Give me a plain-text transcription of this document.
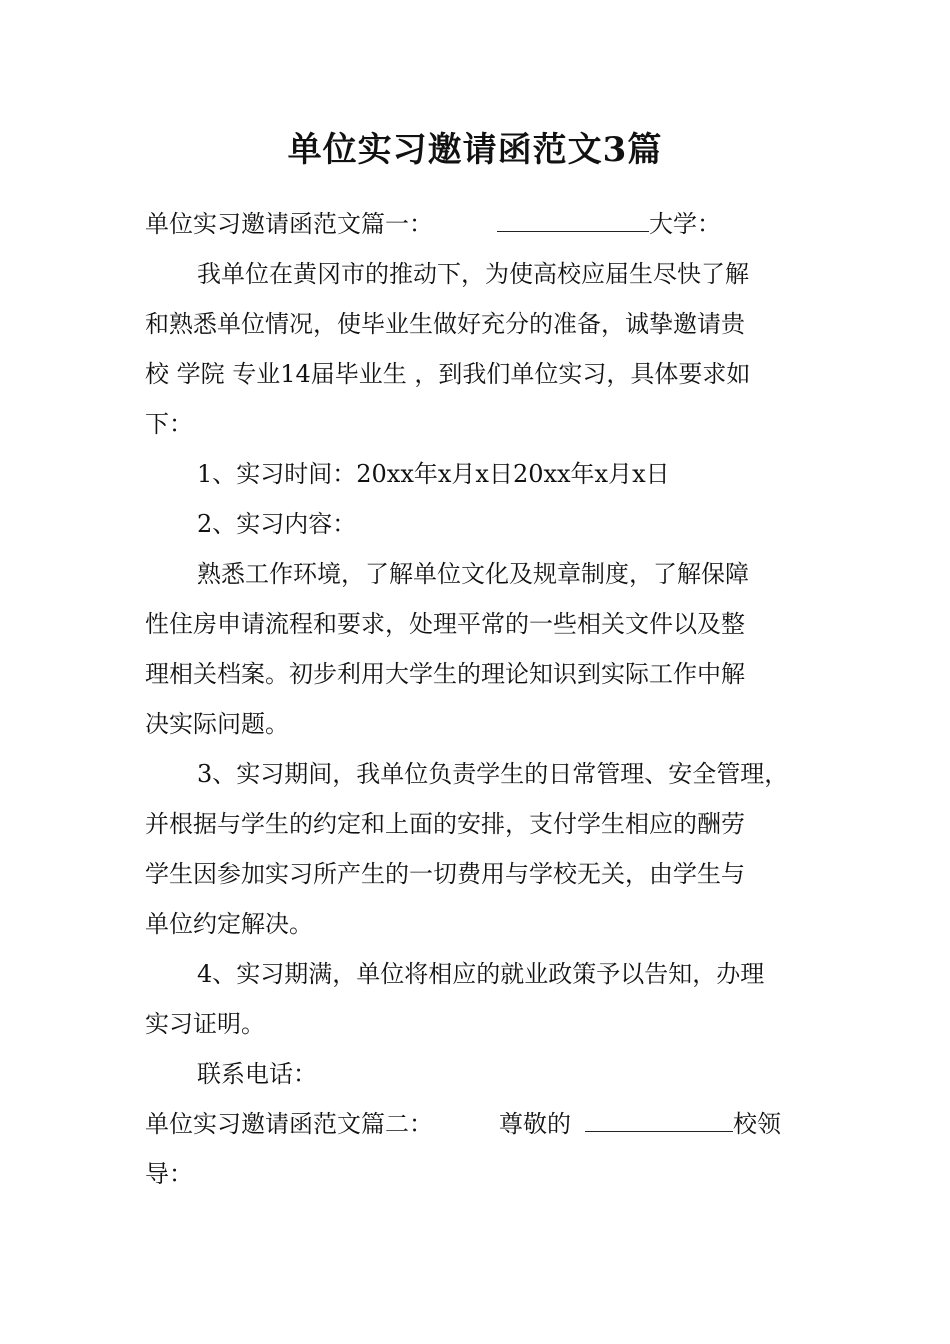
单位实习邀请函范文3篇
单位实习邀请函范文篇一：	大学：
我单位在黄冈市的推动下，为使高校应届生尽快了解
和熟悉单位情况，使毕业生做好充分的准备，诚挚邀请贵
校 学院 专业14届毕业生 ，到我们单位实习，具体要求如
下：
1、实习时间：20xx年x月x日20xx年x月x日
2、实习内容：
熟悉工作环境，了解单位文化及规章制度，了解保障
性住房申请流程和要求，处理平常的一些相关文件以及整
理相关档案。初步利用大学生的理论知识到实际工作中解
决实际问题。
3、实习期间，我单位负责学生的日常管理、安全管理，
并根据与学生的约定和上面的安排，支付学生相应的酬劳
学生因参加实习所产生的一切费用与学校无关，由学生与
单位约定解决。
4、实习期满，单位将相应的就业政策予以告知，办理
实习证明。
联系电话：
单位实习邀请函范文篇二：	尊敬的	校领
导：
